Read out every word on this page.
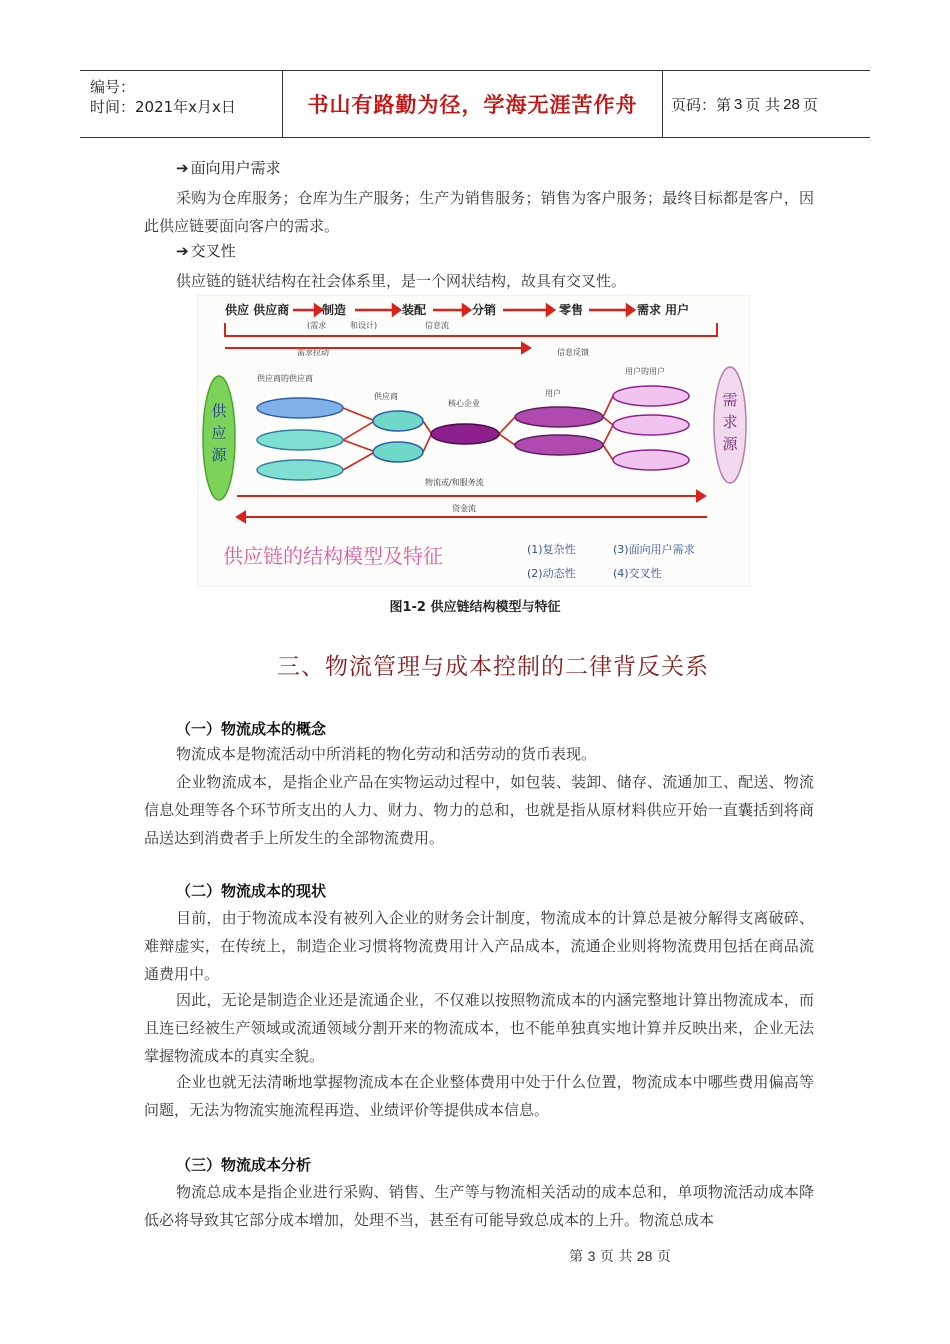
编号：
时间：2021年x月x日	书山有路勤为径，学海无涯苦作舟	页码：第 3 页 共 28 页
➔ 面向用户需求
采购为仓库服务；仓库为生产服务；生产为销售服务；销售为客户服务；最终目标都是客户，因此供应链要面向客户的需求。
➔ 交叉性
供应链的链状结构在社会体系里，是一个网状结构，故具有交叉性。
供应 供应商	制造	装配	分销	零售	需求 用户
(需求	和设计)	信息流
需求拉动	信息反馈
供
应
源
需
求
源
供应商的供应商
供应商
核心企业
用户
用户的用户
物流或/和服务流
资金流
供应链的结构模型及特征	(1)复杂性	(3)面向用户需求
(2)动态性	(4)交叉性
图1-2 供应链结构模型与特征
三、物流管理与成本控制的二律背反关系
（一）物流成本的概念
物流成本是物流活动中所消耗的物化劳动和活劳动的货币表现。
企业物流成本，是指企业产品在实物运动过程中，如包装、装卸、储存、流通加工、配送、物流信息处理等各个环节所支出的人力、财力、物力的总和，也就是指从原材料供应开始一直囊括到将商品送达到消费者手上所发生的全部物流费用。
（二）物流成本的现状
目前，由于物流成本没有被列入企业的财务会计制度，物流成本的计算总是被分解得支离破碎、难辩虚实，在传统上，制造企业习惯将物流费用计入产品成本，流通企业则将物流费用包括在商品流通费用中。
因此，无论是制造企业还是流通企业，不仅难以按照物流成本的内涵完整地计算出物流成本，而且连已经被生产领域或流通领域分割开来的物流成本，也不能单独真实地计算并反映出来，企业无法掌握物流成本的真实全貌。
企业也就无法清晰地掌握物流成本在企业整体费用中处于什么位置，物流成本中哪些费用偏高等问题，无法为物流实施流程再造、业绩评价等提供成本信息。
（三）物流成本分析
物流总成本是指企业进行采购、销售、生产等与物流相关活动的成本总和，单项物流活动成本降低必将导致其它部分成本增加，处理不当，甚至有可能导致总成本的上升。物流总成本
第 3 页 共 28 页
